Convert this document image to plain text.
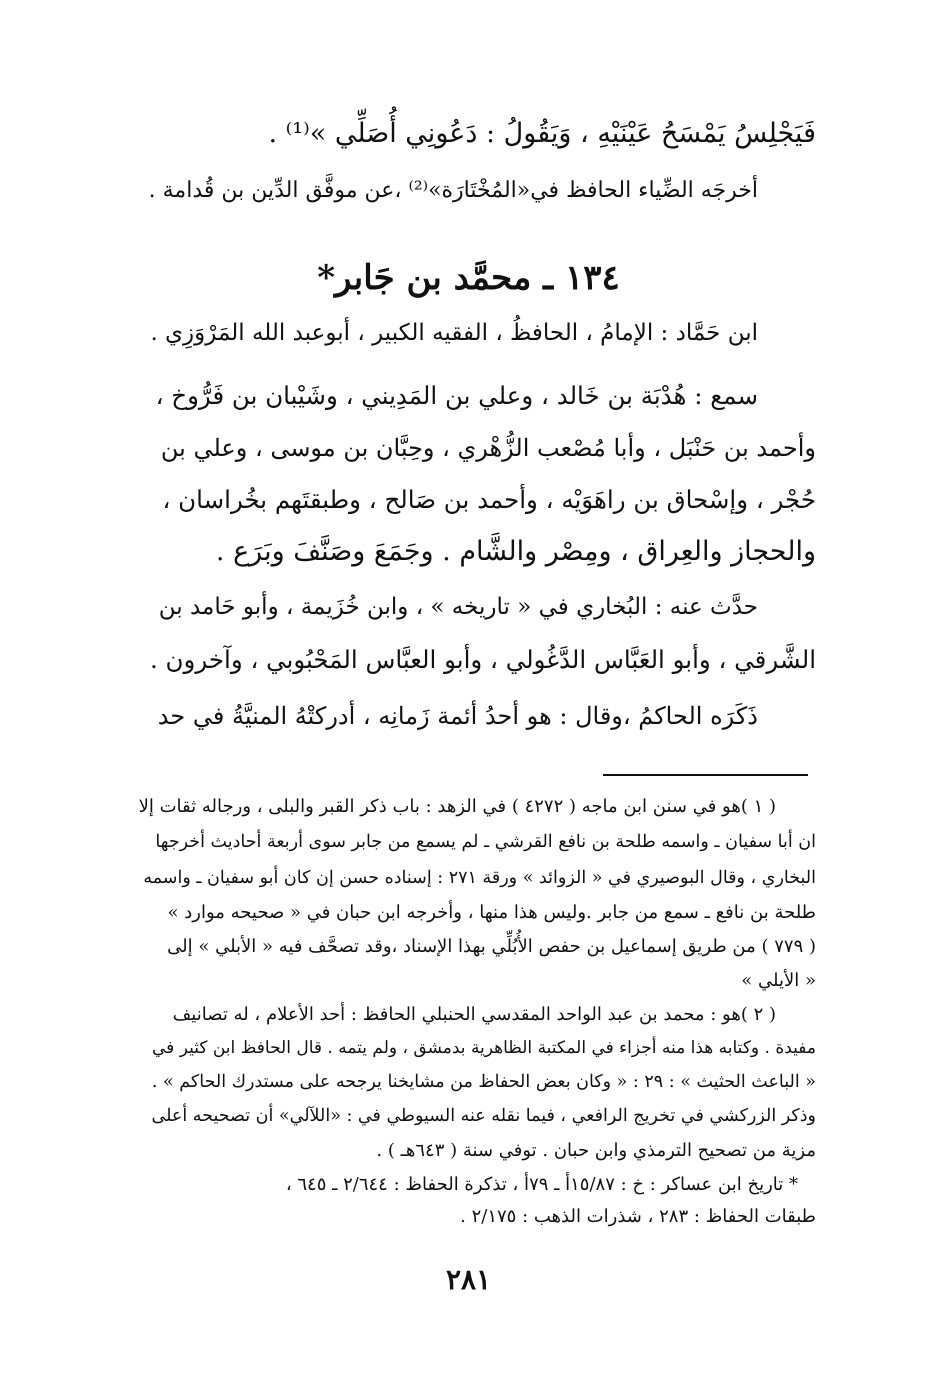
فَيَجْلِسُ يَمْسَحُ عَيْنَيْهِ ، وَيَقُولُ : دَعُونِي أُصَلِّي »⁽¹⁾ .
أخرجَه الضِّياء الحافظ في«المُخْتَارَة»⁽²⁾ ،عن موفَّق الدِّين بن قُدامة .
١٣٤ ـ محمَّد بن جَابر*
ابن حَمَّاد : الإمامُ ، الحافظُ ، الفقيه الكبير ، أبوعبد الله المَرْوَزِي .
سمع : هُدْبَة بن خَالد ، وعلي بن المَدِيني ، وشَيْبان بن فَرُّوخ ،
وأحمد بن حَنْبَل ، وأبا مُصْعب الزُّهْري ، وحِبَّان بن موسى ، وعلي بن
حُجْر ، وإسْحاق بن راهَوَيْه ، وأحمد بن صَالح ، وطبقتَهم بخُراسان ،
والحجاز والعِراق ، ومِصْر والشَّام . وجَمَعَ وصَنَّفَ وبَرَع .
حدَّث عنه : البُخاري في « تاريخه » ، وابن خُزَيمة ، وأبو حَامد بن
الشَّرقي ، وأبو العَبَّاس الدَّغُولي ، وأبو العبَّاس المَحْبُوبي ، وآخرون .
ذَكَرَه الحاكمُ ،وقال : هو أحدُ أئمة زَمانِه ، أدركتْهُ المنيَّةُ في حد
( ١ )هو في سنن ابن ماجه ( ٤٢٧٢ ) في الزهد : باب ذكر القبر والبلى ، ورجاله ثقات إلا
ان أبا سفيان ـ واسمه طلحة بن نافع القرشي ـ لم يسمع من جابر سوى أربعة أحاديث أخرجها
البخاري ، وقال البوصيري في « الزوائد » ورقة ٢٧١ : إسناده حسن إن كان أبو سفيان ـ واسمه
طلحة بن نافع ـ سمع من جابر .وليس هذا منها ، وأخرجه ابن حبان في « صحيحه موارد »
( ٧٧٩ ) من طريق إسماعيل بن حفص الأُبُلِّي بهذا الإسناد ،وقد تصحَّف فيه « الأبلي » إلى
« الأيلي »
( ٢ )هو : محمد بن عبد الواحد المقدسي الحنبلي الحافظ : أحد الأعلام ، له تصانيف
مفيدة . وكتابه هذا منه أجزاء في المكتبة الظاهرية بدمشق ، ولم يتمه . قال الحافظ ابن كثير في
« الباعث الحثيث » : ٢٩ : « وكان بعض الحفاظ من مشايخنا يرجحه على مستدرك الحاكم » .
وذكر الزركشي في تخريج الرافعي ، فيما نقله عنه السيوطي في : «اللآلي» أن تصحيحه أعلى
مزية من تصحيح الترمذي وابن حبان . توفي سنة ( ٦٤٣هـ ) .
* تاريخ ابن عساكر : خ : ١٥/٨٧أ ـ ٧٩أ ، تذكرة الحفاظ : ٢/٦٤٤ ـ ٦٤٥ ،
طبقات الحفاظ : ٢٨٣ ، شذرات الذهب : ٢/١٧٥ .
٢٨١
